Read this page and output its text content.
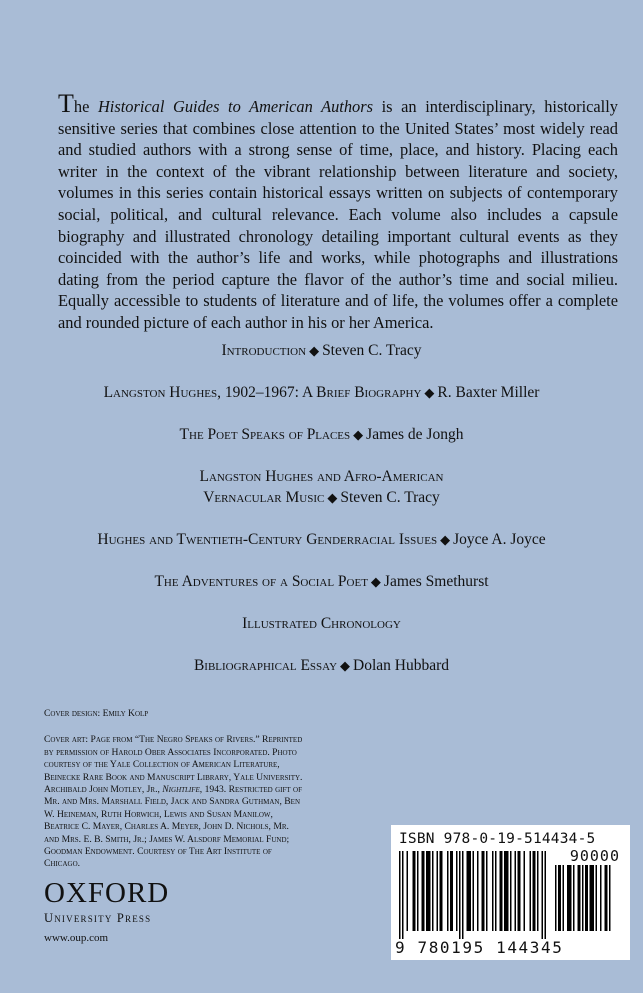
The Historical Guides to American Authors is an interdisciplinary, historically sensitive series that combines close attention to the United States’ most widely read and studied authors with a strong sense of time, place, and history. Placing each writer in the context of the vibrant relationship between literature and society, volumes in this series contain historical essays written on subjects of contemporary social, political, and cultural relevance. Each volume also includes a capsule biography and illustrated chronology detailing important cultural events as they coincided with the author’s life and works, while photographs and illustrations dating from the period capture the flavor of the author’s time and social milieu. Equally accessible to students of literature and of life, the volumes offer a complete and rounded picture of each author in his or her America.
Introduction ◆ Steven C. Tracy
Langston Hughes, 1902–1967: A Brief Biography ◆ R. Baxter Miller
The Poet Speaks of Places ◆ James de Jongh
Langston Hughes and Afro-American
Vernacular Music ◆ Steven C. Tracy
Hughes and Twentieth-Century Genderracial Issues ◆ Joyce A. Joyce
The Adventures of a Social Poet ◆ James Smethurst
Illustrated Chronology
Bibliographical Essay ◆ Dolan Hubbard
Cover design: Emily Kolp
Cover art: Page from “The Negro Speaks of Rivers.” Reprinted by permission of Harold Ober Associates Incorporated. Photo courtesy of the Yale Collection of American Literature, Beinecke Rare Book and Manuscript Library, Yale University. Archibald John Motley, Jr., Nightlife, 1943. Restricted gift of Mr. and Mrs. Marshall Field, Jack and Sandra Guthman, Ben W. Heineman, Ruth Horwich, Lewis and Susan Manilow, Beatrice C. Mayer, Charles A. Meyer, John D. Nichols, Mr. and Mrs. E. B. Smith, Jr.; James W. Alsdorf Memorial Fund; Goodman Endowment. Courtesy of The Art Institute of Chicago.
OXFORD
University Press
www.oup.com
ISBN 978-0-19-514434-5
90000
9 780195 144345
